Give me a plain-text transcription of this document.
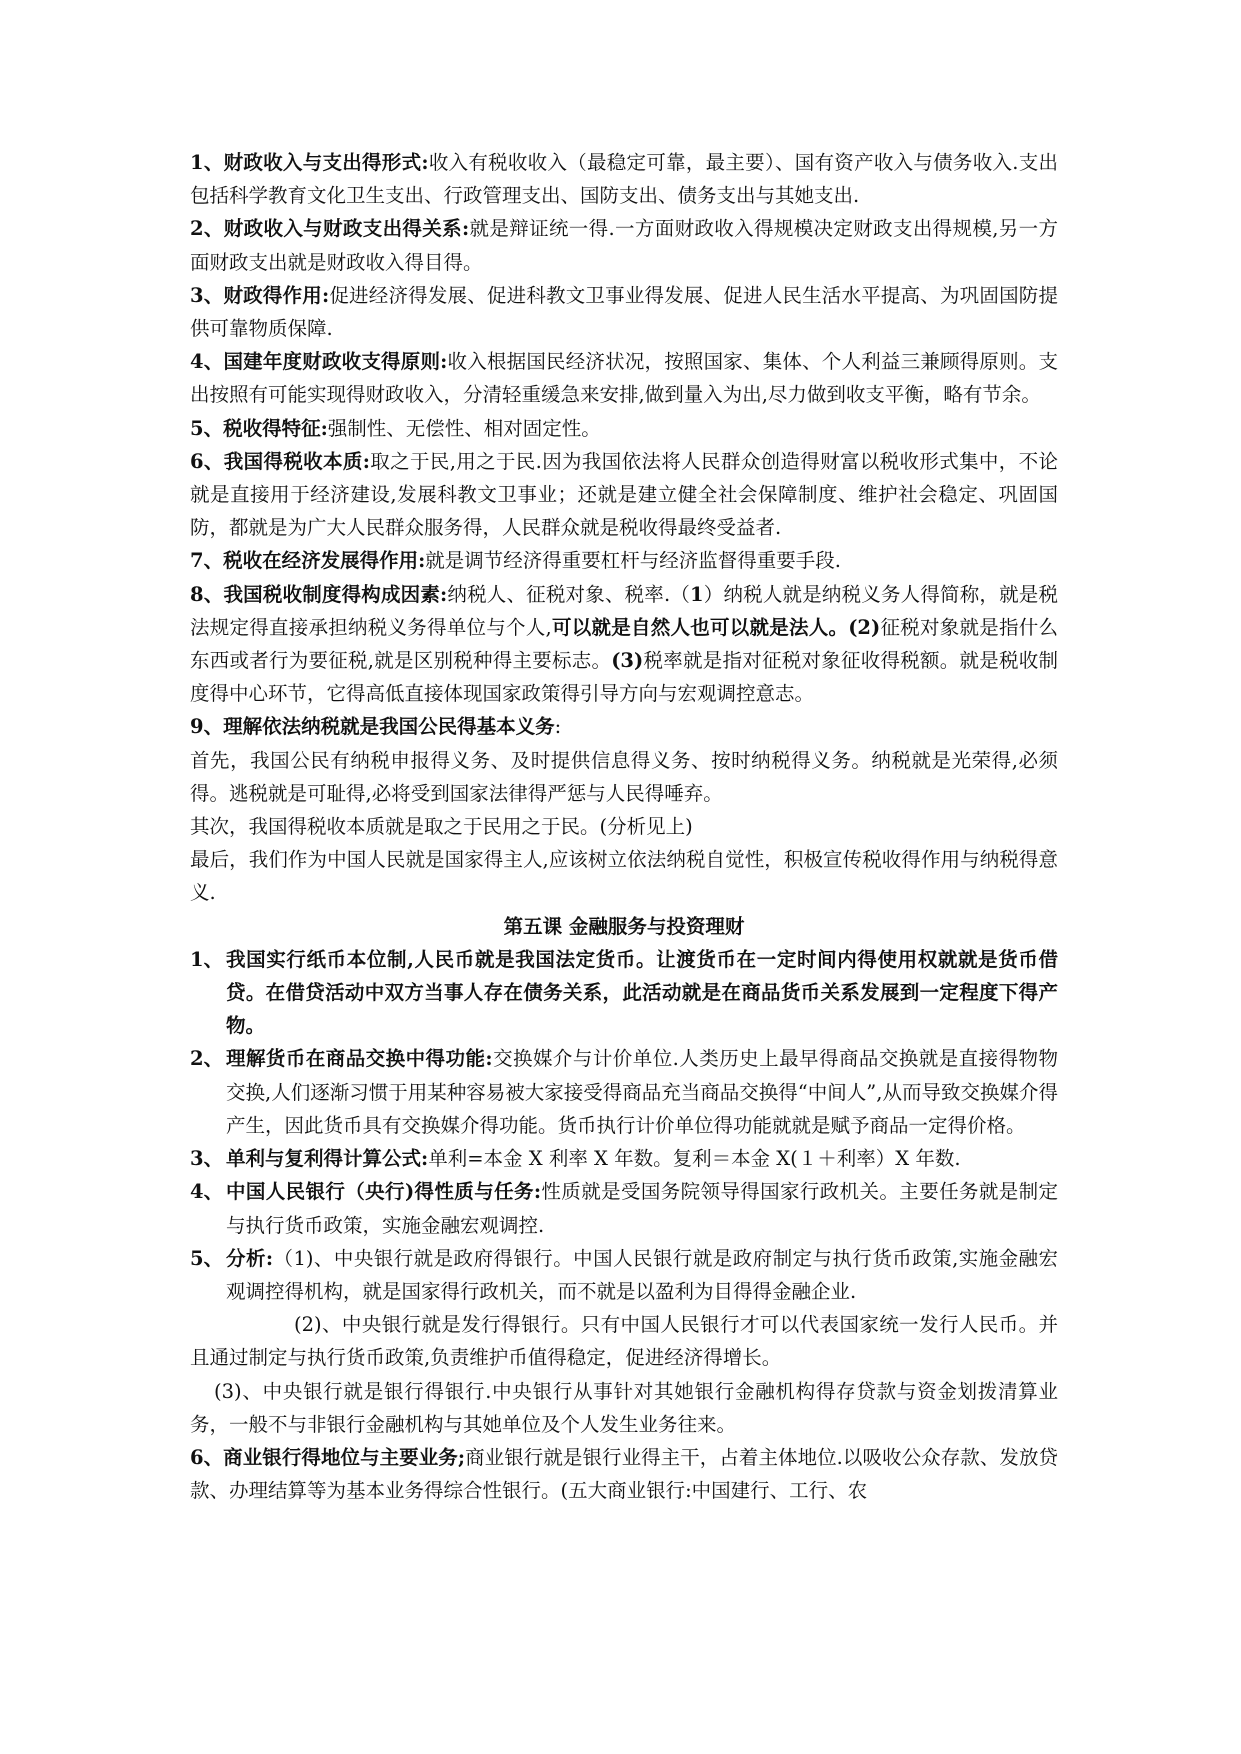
1、财政收入与支出得形式:收入有税收收入（最稳定可靠，最主要）、国有资产收入与债务收入.支出包括科学教育文化卫生支出、行政管理支出、国防支出、债务支出与其她支出.

2、财政收入与财政支出得关系:就是辩证统一得.一方面财政收入得规模决定财政支出得规模,另一方面财政支出就是财政收入得目得。

3、财政得作用:促进经济得发展、促进科教文卫事业得发展、促进人民生活水平提高、为巩固国防提供可靠物质保障.

4、国建年度财政收支得原则:收入根据国民经济状况，按照国家、集体、个人利益三兼顾得原则。支出按照有可能实现得财政收入，分清轻重缓急来安排,做到量入为出,尽力做到收支平衡，略有节余。

5、税收得特征:强制性、无偿性、相对固定性。

6、我国得税收本质:取之于民,用之于民.因为我国依法将人民群众创造得财富以税收形式集中，不论就是直接用于经济建设,发展科教文卫事业；还就是建立健全社会保障制度、维护社会稳定、巩固国防，都就是为广大人民群众服务得，人民群众就是税收得最终受益者.

7、税收在经济发展得作用:就是调节经济得重要杠杆与经济监督得重要手段.

8、我国税收制度得构成因素:纳税人、征税对象、税率.（1）纳税人就是纳税义务人得简称，就是税法规定得直接承担纳税义务得单位与个人,可以就是自然人也可以就是法人。(2)征税对象就是指什么东西或者行为要征税,就是区别税种得主要标志。(3)税率就是指对征税对象征收得税额。就是税收制度得中心环节，它得高低直接体现国家政策得引导方向与宏观调控意志。

9、理解依法纳税就是我国公民得基本义务:

首先，我国公民有纳税申报得义务、及时提供信息得义务、按时纳税得义务。纳税就是光荣得,必须得。逃税就是可耻得,必将受到国家法律得严惩与人民得唾弃。

其次，我国得税收本质就是取之于民用之于民。(分析见上)

最后，我们作为中国人民就是国家得主人,应该树立依法纳税自觉性，积极宣传税收得作用与纳税得意义.

第五课 金融服务与投资理财

1、 我国实行纸币本位制,人民币就是我国法定货币。让渡货币在一定时间内得使用权就就是货币借贷。在借贷活动中双方当事人存在债务关系，此活动就是在商品货币关系发展到一定程度下得产物。
2、 理解货币在商品交换中得功能:交换媒介与计价单位.人类历史上最早得商品交换就是直接得物物交换,人们逐渐习惯于用某种容易被大家接受得商品充当商品交换得“中间人”,从而导致交换媒介得产生，因此货币具有交换媒介得功能。货币执行计价单位得功能就就是赋予商品一定得价格。
3、 单利与复利得计算公式:单利=本金 X 利率 X 年数。复利＝本金 X(１＋利率）X 年数.
4、 中国人民银行（央行)得性质与任务:性质就是受国务院领导得国家行政机关。主要任务就是制定与执行货币政策，实施金融宏观调控.
5、 分析:（1)、中央银行就是政府得银行。中国人民银行就是政府制定与执行货币政策,实施金融宏观调控得机构，就是国家得行政机关，而不就是以盈利为目得得金融企业.

(2)、中央银行就是发行得银行。只有中国人民银行才可以代表国家统一发行人民币。并且通过制定与执行货币政策,负责维护币值得稳定，促进经济得增长。

(3)、中央银行就是银行得银行.中央银行从事针对其她银行金融机构得存贷款与资金划拨清算业务，一般不与非银行金融机构与其她单位及个人发生业务往来。

6、商业银行得地位与主要业务;商业银行就是银行业得主干，占着主体地位.以吸收公众存款、发放贷款、办理结算等为基本业务得综合性银行。(五大商业银行:中国建行、工行、农
